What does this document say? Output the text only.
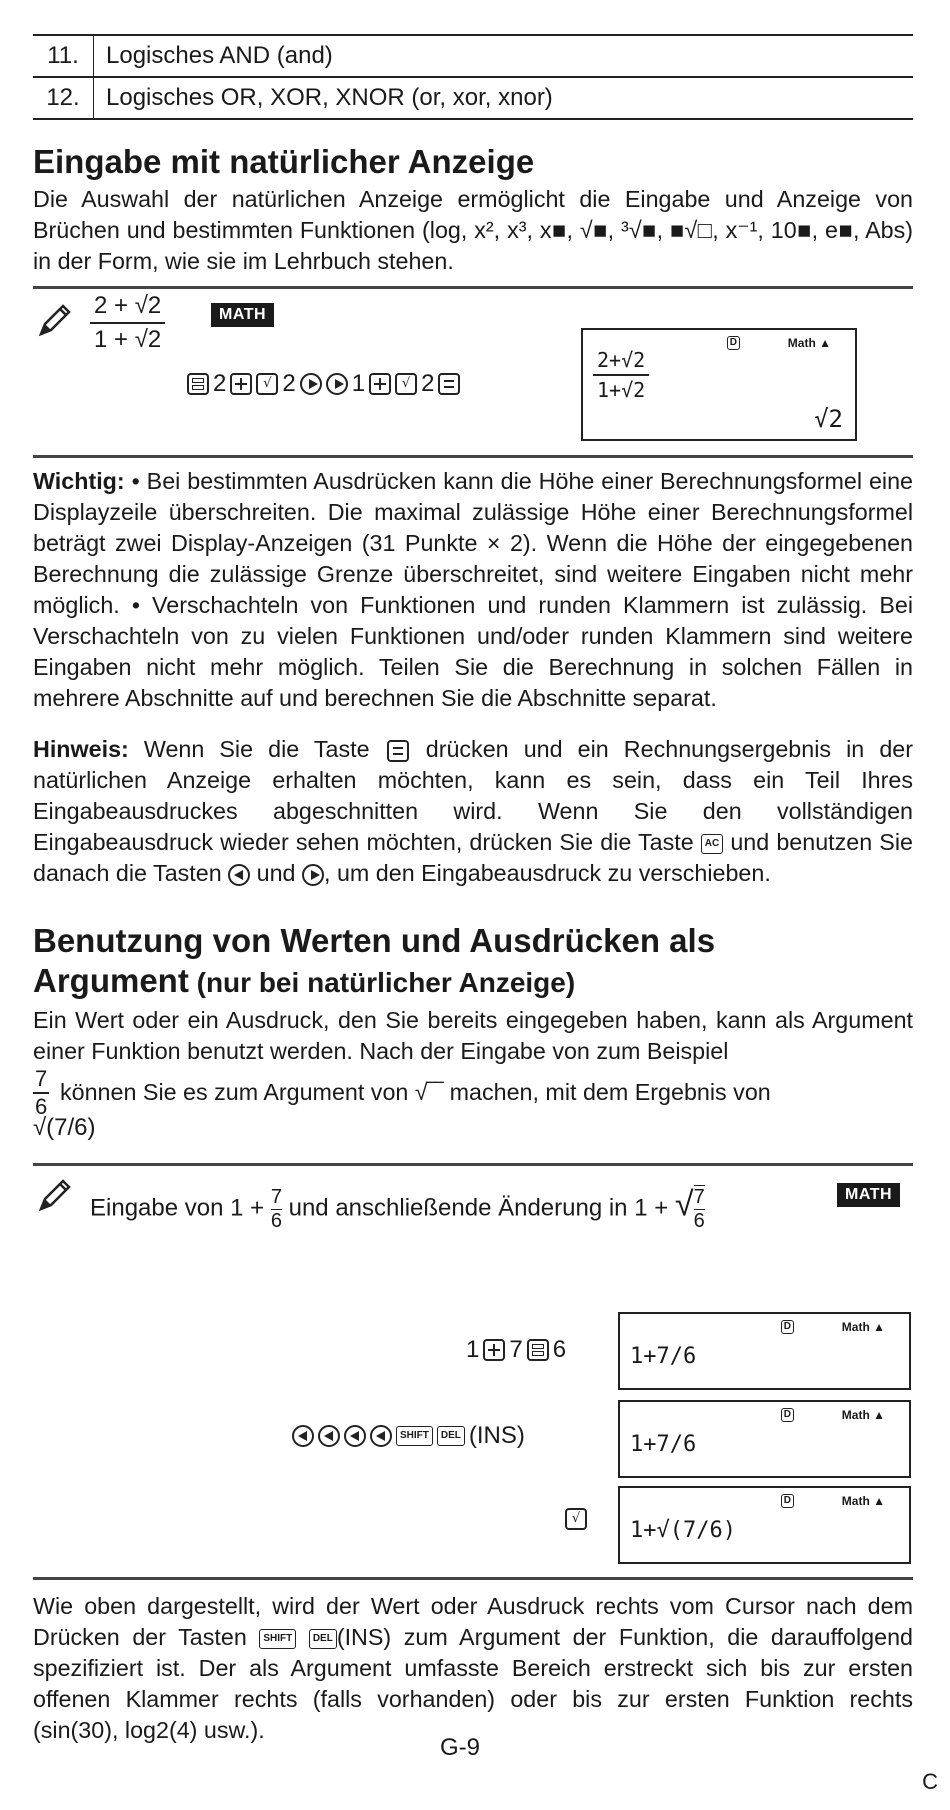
11.	Logisches AND (and)
12.	Logisches OR, XOR, XNOR (or, xor, xnor)
Eingabe mit natürlicher Anzeige

Die Auswahl der natürlichen Anzeige ermöglicht die Eingabe und Anzeige von Brüchen und bestimmten Funktionen (log, x², x³, x■, √■, ³√■, ■√□, x⁻¹, 10■, e■, Abs) in der Form, wie sie im Lehrbuch stehen.

2 + √2
1 + √2
MATH
2	√ 2 1	√ 2
D	Math ▲
2+√2
1+√2
√2

Wichtig: • Bei bestimmten Ausdrücken kann die Höhe einer Berechnungsformel eine Displayzeile überschreiten. Die maximal zulässige Höhe einer Berechnungsformel beträgt zwei Display-Anzeigen (31 Punkte × 2). Wenn die Höhe der eingegebenen Berechnung die zulässige Grenze überschreitet, sind weitere Eingaben nicht mehr möglich. • Verschachteln von Funktionen und runden Klammern ist zulässig. Bei Verschachteln von zu vielen Funktionen und/oder runden Klammern sind weitere Eingaben nicht mehr möglich. Teilen Sie die Berechnung in solchen Fällen in mehrere Abschnitte auf und berechnen Sie die Abschnitte separat.

Hinweis: Wenn Sie die Taste  drücken und ein Rechnungsergebnis in der natürlichen Anzeige erhalten möchten, kann es sein, dass ein Teil Ihres Eingabeausdruckes abgeschnitten wird. Wenn Sie den vollständigen Eingabeausdruck wieder sehen möchten, drücken Sie die Taste AC und benutzen Sie danach die Tasten  und , um den Eingabeausdruck zu verschieben.

Benutzung von Werten und Ausdrücken als
Argument (nur bei natürlicher Anzeige)

Ein Wert oder ein Ausdruck, den Sie bereits eingegeben haben, kann als Argument einer Funktion benutzt werden. Nach der Eingabe von zum Beispiel

7
6

können Sie es zum Argument von √‾‾ machen, mit dem Ergebnis von

√(7/6)
Eingabe von $1 + \frac{7}{6}$ und anschließende Änderung in 1 + √ $\frac{7}{6}$	MATH
1 7 6
D	Math ▲
1+7/6
SHIFT	DEL (INS)
D	Math ▲
1+7/6
√
D	Math ▲
1+√(7/6)

Wie oben dargestellt, wird der Wert oder Ausdruck rechts vom Cursor nach dem Drücken der Tasten SHIFT DEL (INS) zum Argument der Funktion, die darauffolgend spezifiziert ist. Der als Argument umfasste Bereich erstreckt sich bis zur ersten offenen Klammer rechts (falls vorhanden) oder bis zur ersten Funktion rechts (sin(30), log2(4) usw.).

G-9
C
